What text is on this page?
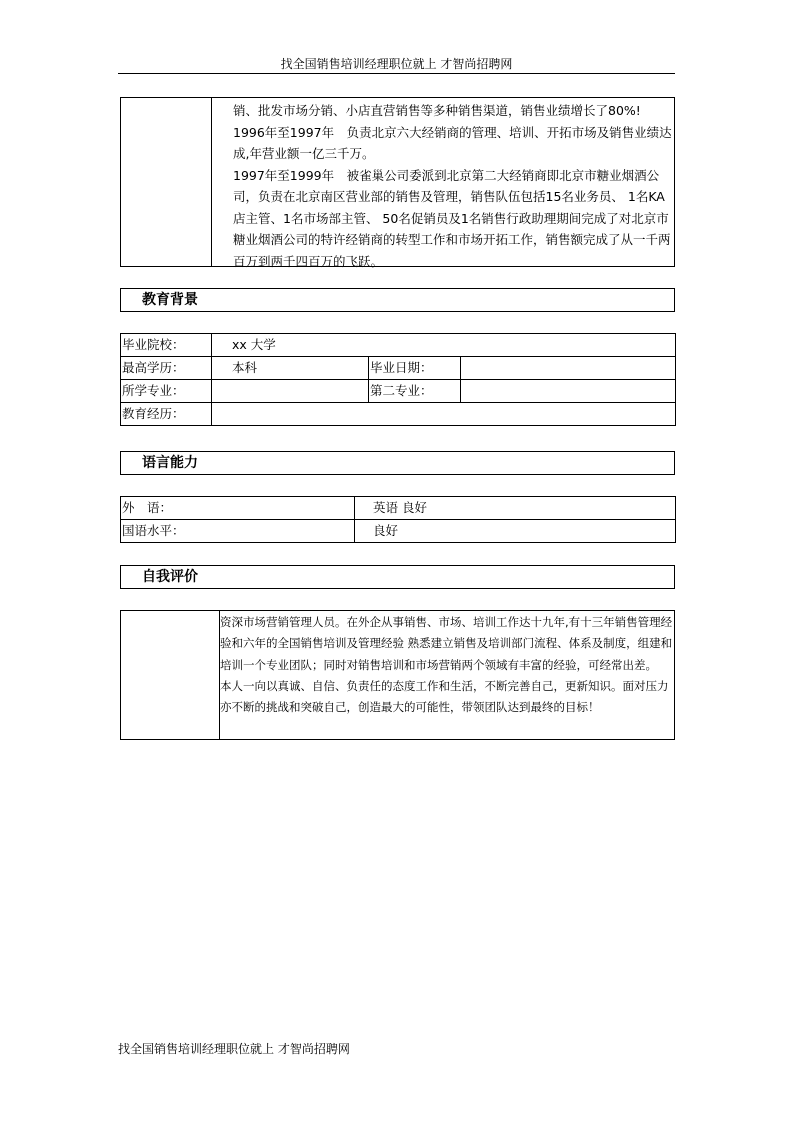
找全国销售培训经理职位就上 才智尚招聘网

销、批发市场分销、小店直营销售等多种销售渠道，销售业绩增长了80%!

1996年至1997年　负责北京六大经销商的管理、培训、开拓市场及销售业绩达成,年营业额一亿三千万。

1997年至1999年　被雀巢公司委派到北京第二大经销商即北京市糖业烟酒公司，负责在北京南区营业部的销售及管理，销售队伍包括15名业务员、 1名KA 店主管、1名市场部主管、 50名促销员及1名销售行政助理期间完成了对北京市糖业烟酒公司的特许经销商的转型工作和市场开拓工作，销售额完成了从一千两百万到两千四百万的飞跃。

教育背景
毕业院校：	xx 大学		
最高学历：	本科	毕业日期：	
所学专业：		第二专业：	
教育经历：			
语言能力
外　语：	英语 良好
国语水平：	良好
自我评价

资深市场营销管理人员。在外企从事销售、市场、培训工作达十九年,有十三年销售管理经验和六年的全国销售培训及管理经验 熟悉建立销售及培训部门流程、体系及制度，组建和培训一个专业团队；同时对销售培训和市场营销两个领域有丰富的经验，可经常出差。

本人一向以真诚、自信、负责任的态度工作和生活，不断完善自己，更新知识。面对压力亦不断的挑战和突破自己，创造最大的可能性，带领团队达到最终的目标！

找全国销售培训经理职位就上 才智尚招聘网
